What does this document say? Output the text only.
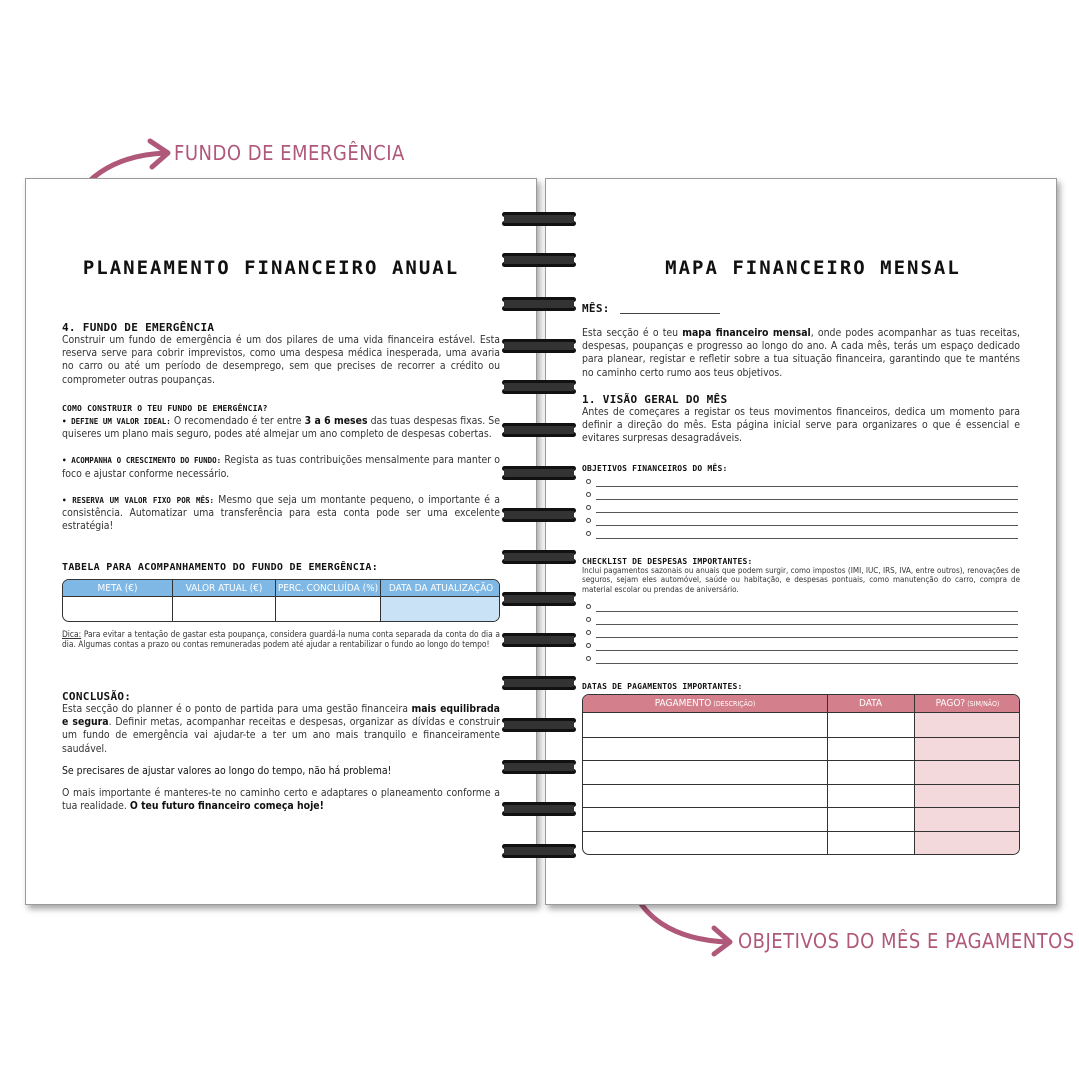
FUNDO DE EMERGÊNCIA
OBJETIVOS DO MÊS E PAGAMENTOS
PLANEAMENTO FINANCEIRO ANUAL
4. FUNDO DE EMERGÊNCIA
Construir um fundo de emergência é um dos pilares de uma vida financeira estável. Esta reserva serve para cobrir imprevistos, como uma despesa médica inesperada, uma avaria no carro ou até um período de desemprego, sem que precises de recorrer a crédito ou comprometer outras poupanças.
COMO CONSTRUIR O TEU FUNDO DE EMERGÊNCIA?
• DEFINE UM VALOR IDEAL: O recomendado é ter entre 3 a 6 meses das tuas despesas fixas. Se quiseres um plano mais seguro, podes até almejar um ano completo de despesas cobertas.
• ACOMPANHA O CRESCIMENTO DO FUNDO: Regista as tuas contribuições mensalmente para manter o foco e ajustar conforme necessário.
• RESERVA UM VALOR FIXO POR MÊS: Mesmo que seja um montante pequeno, o importante é a consistência. Automatizar uma transferência para esta conta pode ser uma excelente estratégia!
TABELA PARA ACOMPANHAMENTO DO FUNDO DE EMERGÊNCIA:
META (€)	VALOR ATUAL (€)	PERC. CONCLUÍDA (%)	DATA DA ATUALIZAÇÃO
Dica: Para evitar a tentação de gastar esta poupança, considera guardá-la numa conta separada da conta do dia a dia. Algumas contas a prazo ou contas remuneradas podem até ajudar a rentabilizar o fundo ao longo do tempo!
CONCLUSÃO:
Esta secção do planner é o ponto de partida para uma gestão financeira mais equilibrada e segura. Definir metas, acompanhar receitas e despesas, organizar as dívidas e construir um fundo de emergência vai ajudar-te a ter um ano mais tranquilo e financeiramente saudável.
Se precisares de ajustar valores ao longo do tempo, não há problema!
O mais importante é manteres-te no caminho certo e adaptares o planeamento conforme a tua realidade. O teu futuro financeiro começa hoje!
MAPA FINANCEIRO MENSAL
MÊS:
Esta secção é o teu mapa financeiro mensal, onde podes acompanhar as tuas receitas, despesas, poupanças e progresso ao longo do ano. A cada mês, terás um espaço dedicado para planear, registar e refletir sobre a tua situação financeira, garantindo que te manténs no caminho certo rumo aos teus objetivos.
1. VISÃO GERAL DO MÊS
Antes de começares a registar os teus movimentos financeiros, dedica um momento para definir a direção do mês. Esta página inicial serve para organizares o que é essencial e evitares surpresas desagradáveis.
OBJETIVOS FINANCEIROS DO MÊS:
CHECKLIST DE DESPESAS IMPORTANTES:
Inclui pagamentos sazonais ou anuais que podem surgir, como impostos (IMI, IUC, IRS, IVA, entre outros), renovações de seguros, sejam eles automóvel, saúde ou habitação, e despesas pontuais, como manutenção do carro, compra de material escolar ou prendas de aniversário.
DATAS DE PAGAMENTOS IMPORTANTES:
PAGAMENTO (DESCRIÇÃO)	DATA	PAGO? (SIM/NÃO)
